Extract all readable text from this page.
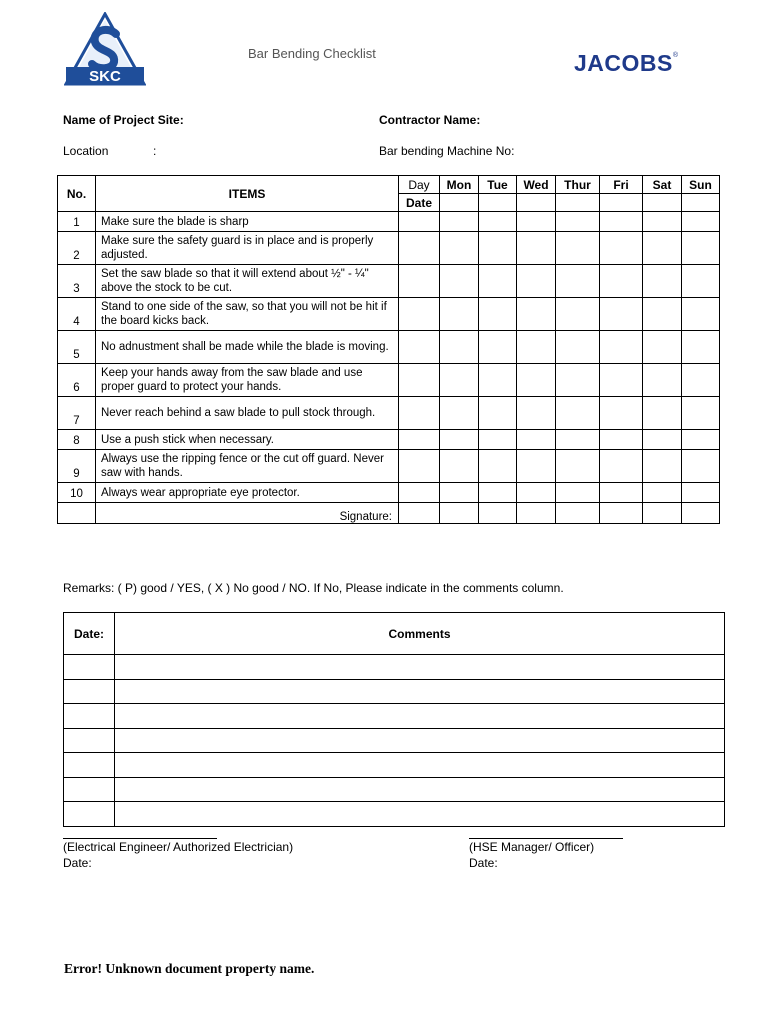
SKC
Bar Bending Checklist	JACOBS®
Name of Project Site:	Contractor Name:
Location	:	Bar bending Machine No:
No.	ITEMS	Day	Mon	Tue	Wed	Thur	Fri	Sat	Sun
		Date							
1	Make sure the blade is sharp								
2	Make sure the safety guard is in place and is properly adjusted.								
3	Set the saw blade so that it will extend about ½" - ¼" above the stock to be cut.								
4	Stand to one side of the saw, so that you will not be hit if the board kicks back.								
5	No adnustment shall be made while the blade is moving.								
6	Keep your hands away from the saw blade and use proper guard to protect your hands.								
7	Never reach behind a saw blade to pull stock through.								
8	Use a push stick when necessary.								
9	Always use the ripping fence or the cut off guard. Never saw with hands.								
10	Always wear appropriate eye protector.								
	Signature:								
Remarks: ( P) good / YES, ( X ) No good / NO. If No, Please indicate in the comments column.
Date:	Comments

(Electrical Engineer/ Authorized Electrician)
Date:
(HSE Manager/ Officer)
Date:
Error! Unknown document property name.
